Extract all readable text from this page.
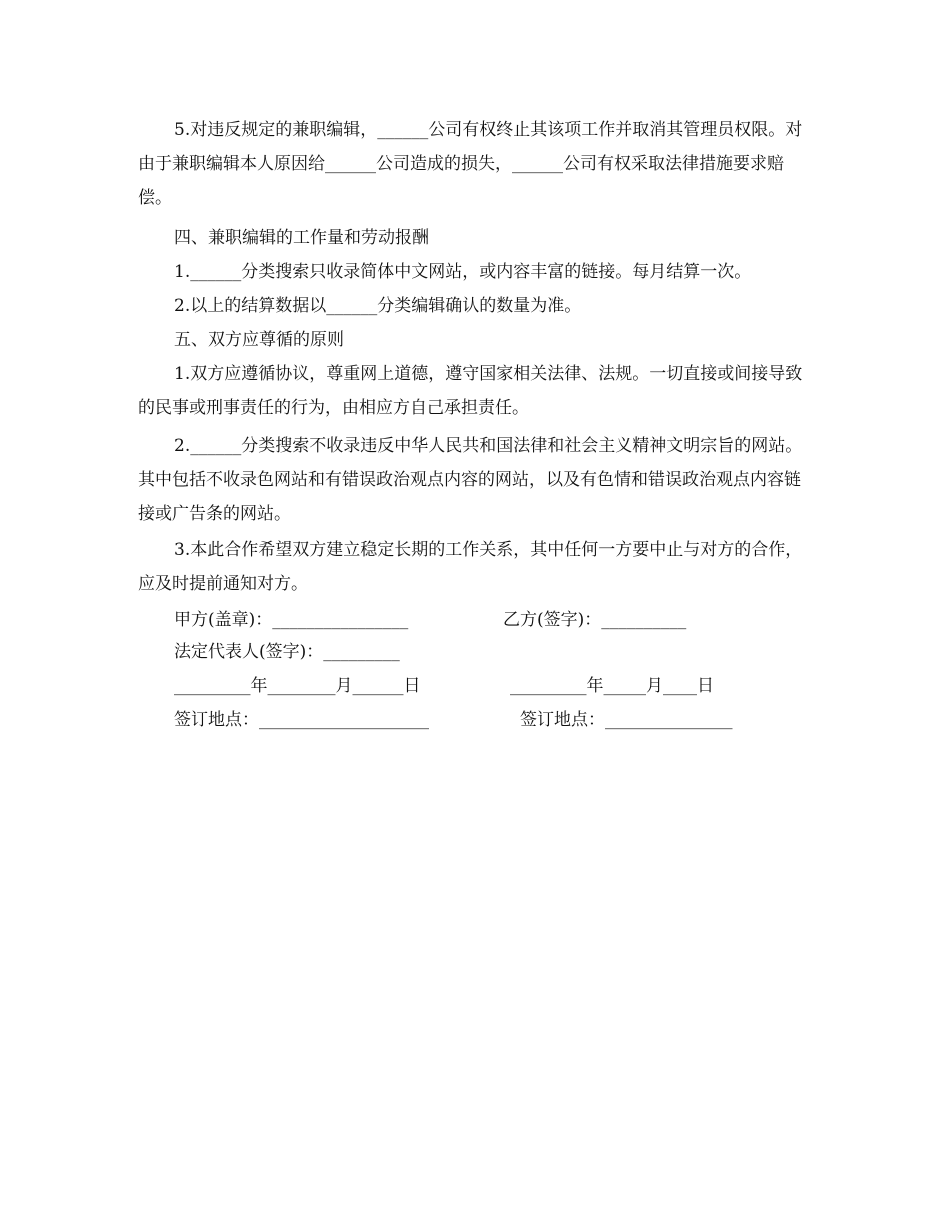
5.对违反规定的兼职编辑，______公司有权终止其该项工作并取消其管理员权限。对由于兼职编辑本人原因给______公司造成的损失，______公司有权采取法律措施要求赔偿。

四、兼职编辑的工作量和劳动报酬

1.______分类搜索只收录简体中文网站，或内容丰富的链接。每月结算一次。

2.以上的结算数据以______分类编辑确认的数量为准。

五、双方应尊循的原则

1.双方应遵循协议，尊重网上道德，遵守国家相关法律、法规。一切直接或间接导致的民事或刑事责任的行为，由相应方自己承担责任。

2.______分类搜索不收录违反中华人民共和国法律和社会主义精神文明宗旨的网站。其中包括不收录色网站和有错误政治观点内容的网站，以及有色情和错误政治观点内容链接或广告条的网站。

3.本此合作希望双方建立稳定长期的工作关系，其中任何一方要中止与对方的合作，应及时提前通知对方。

甲方(盖章)：________________	乙方(签字)：__________
法定代表人(签字)：_________
_________年________月______日	_________年_____月____日
签订地点：____________________	签订地点：_______________
